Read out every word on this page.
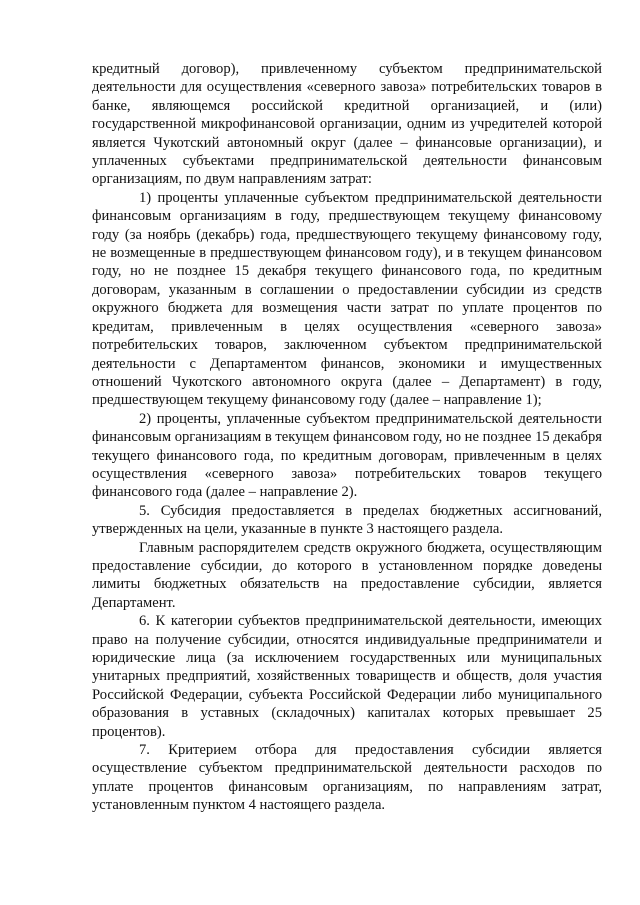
кредитный договор), привлеченному субъектом предпринимательской деятельности для осуществления «северного завоза» потребительских товаров в банке, являющемся российской кредитной организацией, и (или) государственной микрофинансовой организации, одним из учредителей которой является Чукотский автономный округ (далее – финансовые организации), и уплаченных субъектами предпринимательской деятельности финансовым организациям, по двум направлениям затрат:

1) проценты уплаченные субъектом предпринимательской деятельности финансовым организациям в году, предшествующем текущему финансовому году (за ноябрь (декабрь) года, предшествующего текущему финансовому году, не возмещенные в предшествующем финансовом году), и в текущем финансовом году, но не позднее 15 декабря текущего финансового года, по кредитным договорам, указанным в соглашении о предоставлении субсидии из средств окружного бюджета для возмещения части затрат по уплате процентов по кредитам, привлеченным в целях осуществления «северного завоза» потребительских товаров, заключенном субъектом предпринимательской деятельности с Департаментом финансов, экономики и имущественных отношений Чукотского автономного округа (далее – Департамент) в году, предшествующем текущему финансовому году (далее – направление 1);

2) проценты, уплаченные субъектом предпринимательской деятельности финансовым организациям в текущем финансовом году, но не позднее 15 декабря текущего финансового года, по кредитным договорам, привлеченным в целях осуществления «северного завоза» потребительских товаров текущего финансового года (далее – направление 2).

5. Субсидия предоставляется в пределах бюджетных ассигнований, утвержденных на цели, указанные в пункте 3 настоящего раздела.

Главным распорядителем средств окружного бюджета, осуществляющим предоставление субсидии, до которого в установленном порядке доведены лимиты бюджетных обязательств на предоставление субсидии, является Департамент.

6. К категории субъектов предпринимательской деятельности, имеющих право на получение субсидии, относятся индивидуальные предприниматели и юридические лица (за исключением государственных или муниципальных унитарных предприятий, хозяйственных товариществ и обществ, доля участия Российской Федерации, субъекта Российской Федерации либо муниципального образования в уставных (складочных) капиталах которых превышает 25 процентов).

7. Критерием отбора для предоставления субсидии является осуществление субъектом предпринимательской деятельности расходов по уплате процентов финансовым организациям, по направлениям затрат, установленным пунктом 4 настоящего раздела.
